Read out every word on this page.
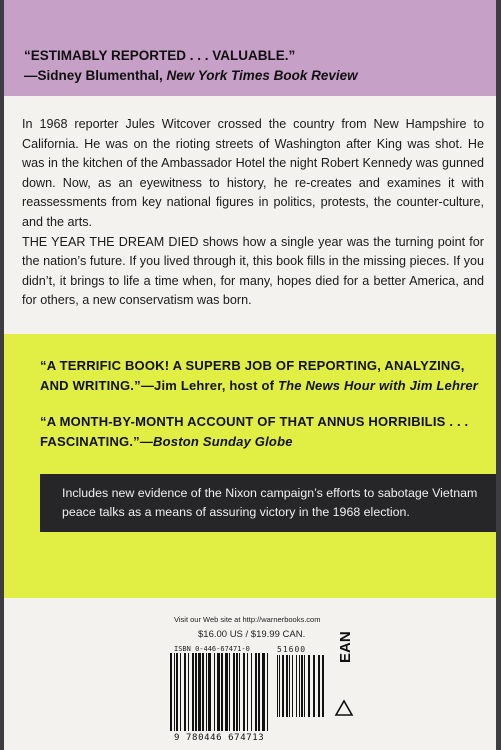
“ESTIMABLY REPORTED . . . VALUABLE.”
—Sidney Blumenthal, New York Times Book Review

In 1968 reporter Jules Witcover crossed the country from New Hampshire to California. He was on the rioting streets of Washington after King was shot. He was in the kitchen of the Ambassador Hotel the night Robert Kennedy was gunned down. Now, as an eyewitness to history, he re-creates and examines it with reassessments from key national figures in politics, protests, the counter-culture, and the arts.

THE YEAR THE DREAM DIED shows how a single year was the turning point for the nation’s future. If you lived through it, this book fills in the missing pieces. If you didn’t, it brings to life a time when, for many, hopes died for a better America, and for others, a new conservatism was born.

“A TERRIFIC BOOK! A SUPERB JOB OF REPORTING, ANALYZING, AND WRITING.”—Jim Lehrer, host of The News Hour with Jim Lehrer
“A MONTH-BY-MONTH ACCOUNT OF THAT ANNUS HORRIBILIS . . . FASCINATING.”—Boston Sunday Globe
Includes new evidence of the Nixon campaign’s efforts to sabotage Vietnam peace talks as a means of assuring victory in the 1968 election.
Visit our Web site at http://warnerbooks.com
$16.00 US / $19.99 CAN.
ISBN 0-446-67471-0	51600 EAN
9 780446 674713
